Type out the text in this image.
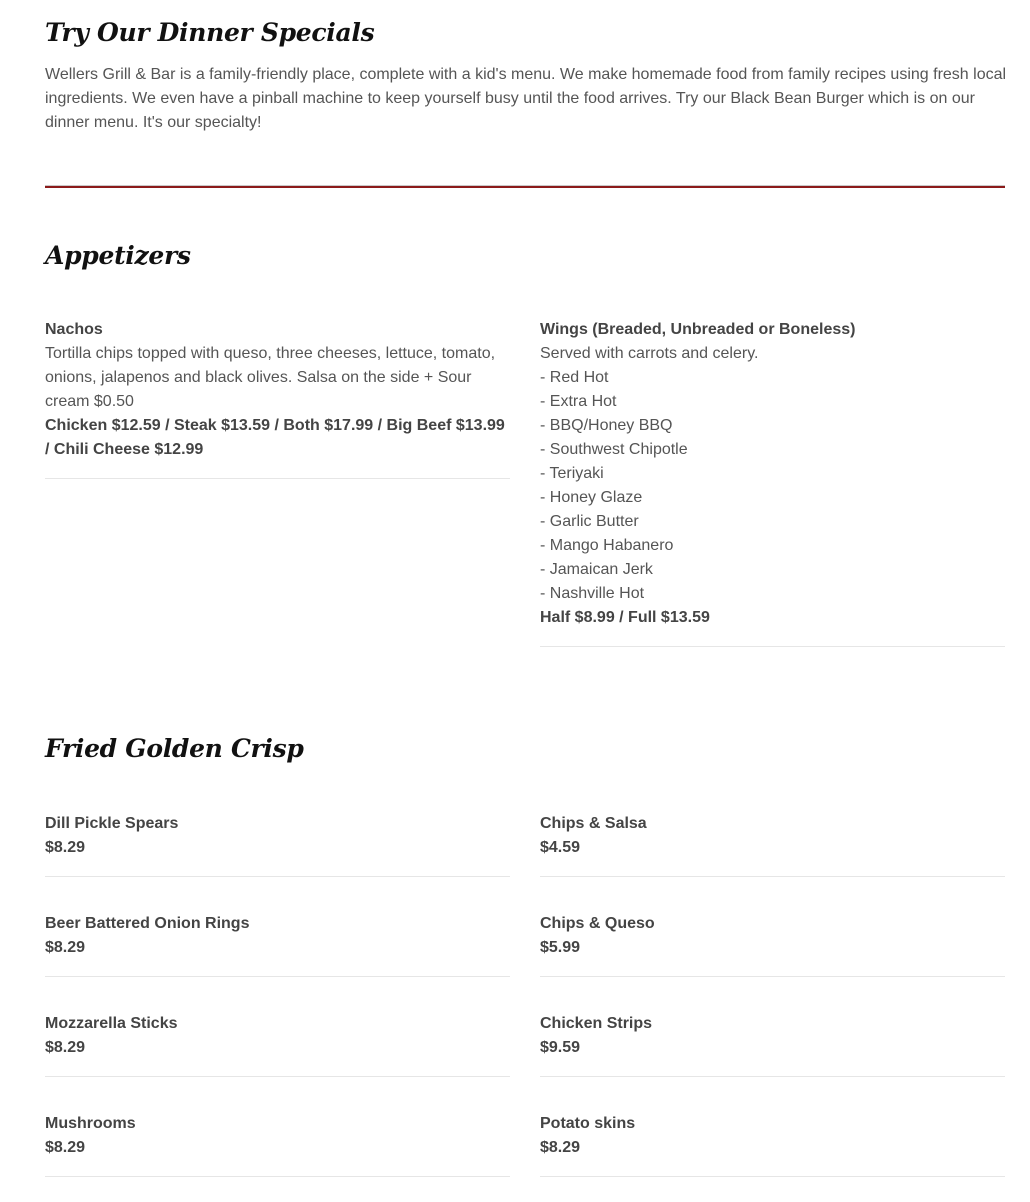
Try Our Dinner Specials

Wellers Grill & Bar is a family-friendly place, complete with a kid's menu. We make homemade food from family recipes using fresh local ingredients. We even have a pinball machine to keep yourself busy until the food arrives. Try our Black Bean Burger which is on our dinner menu. It's our specialty!

Appetizers
Nachos
Tortilla chips topped with queso, three cheeses, lettuce, tomato, onions, jalapenos and black olives. Salsa on the side + Sour cream $0.50
Chicken $12.59 / Steak $13.59 / Both $17.99 / Big Beef $13.99 / Chili Cheese $12.99
Wings (Breaded, Unbreaded or Boneless)
Served with carrots and celery.
- Red Hot
- Extra Hot
- BBQ/Honey BBQ
- Southwest Chipotle
- Teriyaki
- Honey Glaze
- Garlic Butter
- Mango Habanero
- Jamaican Jerk
- Nashville Hot
Half $8.99 / Full $13.59
Fried Golden Crisp
Dill Pickle Spears
$8.29
Chips & Salsa
$4.59
Beer Battered Onion Rings
$8.29
Chips & Queso
$5.99
Mozzarella Sticks
$8.29
Chicken Strips
$9.59
Mushrooms
$8.29
Potato skins
$8.29
